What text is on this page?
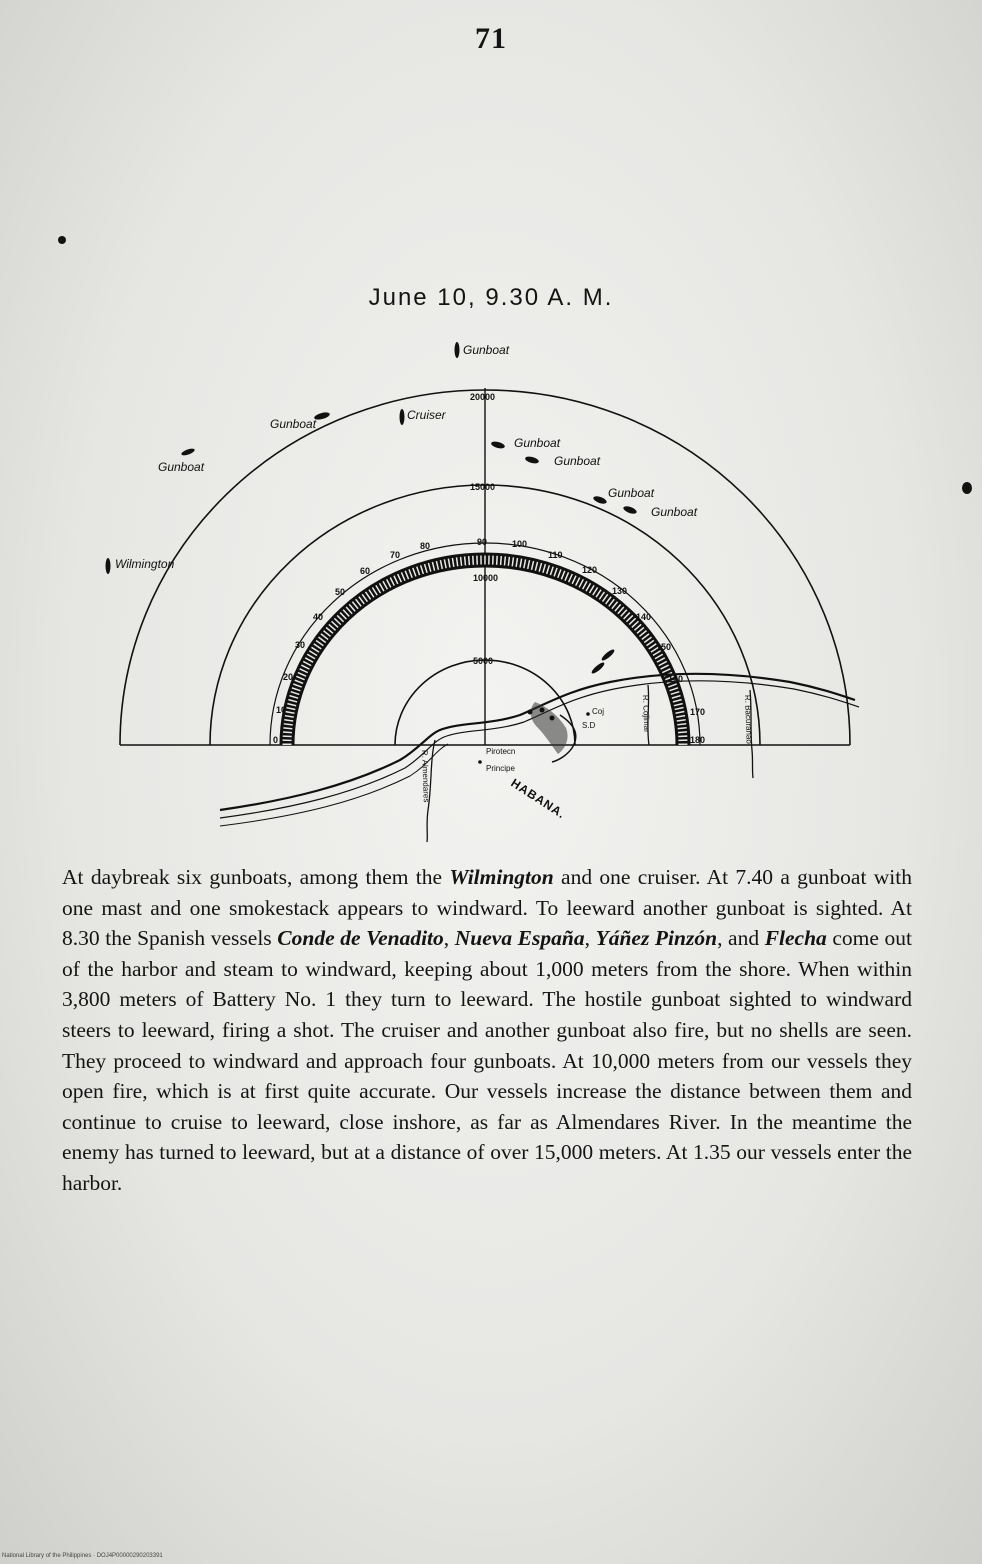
71
June 10, 9.30 A. M.
20000
15000
10000
5000
0
10
20
30
40
50
60
70
80	90	100
110
120
130
140
150
160
170
180
Gunboat
Gunboat
Gunboat
Cruiser
Gunboat
Gunboat
Gunboat
Gunboat
Wilmington
Coj
S.D
Pirotecn
Principe
HABANA.
R. Almendares
R. Cojimar	R. Bacuranao

At daybreak six gunboats, among them the Wilmington and one cruiser. At 7.40 a gunboat with one mast and one smokestack appears to windward. To leeward another gunboat is sighted. At 8.30 the Spanish vessels Conde de Venadito, Nueva España, Yáñez Pinzón, and Flecha come out of the harbor and steam to windward, keeping about 1,000 meters from the shore. When within 3,800 meters of Battery No. 1 they turn to leeward. The hostile gunboat sighted to windward steers to leeward, firing a shot. The cruiser and another gunboat also fire, but no shells are seen. They proceed to windward and approach four gunboats. At 10,000 meters from our vessels they open fire, which is at first quite accurate. Our vessels increase the distance between them and continue to cruise to leeward, close inshore, as far as Almendares River. In the meantime the enemy has turned to leeward, but at a distance of over 15,000 meters. At 1.35 our vessels enter the harbor.

National Library of the Philippines · DOJ4P00000290203391
